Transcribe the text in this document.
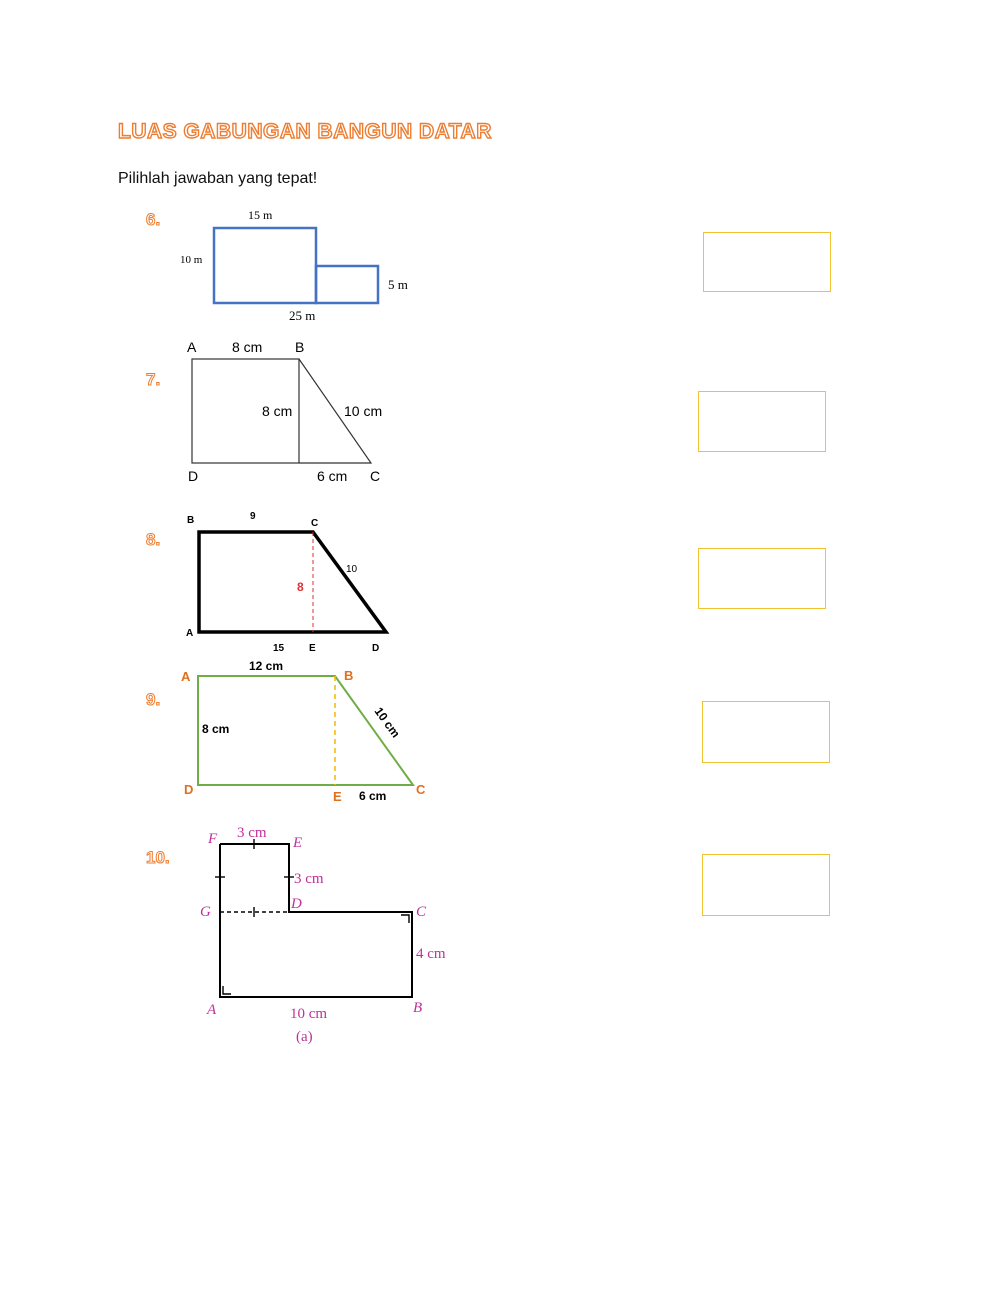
LUAS GABUNGAN BANGUN DATAR
Pilihlah jawaban yang tepat!
6.	15 m
10 m
5 m
25 m
7.
A	B
C
D
8 cm
8 cm	10 cm
6 cm
8.
B	C
A
D
E
9
8
10
15
9.
A	B
C
D	E
12 cm
8 cm	10 cm
6 cm
10.
F	E
G	D	C
A	B
3 cm
3 cm
4 cm
10 cm
(a)
